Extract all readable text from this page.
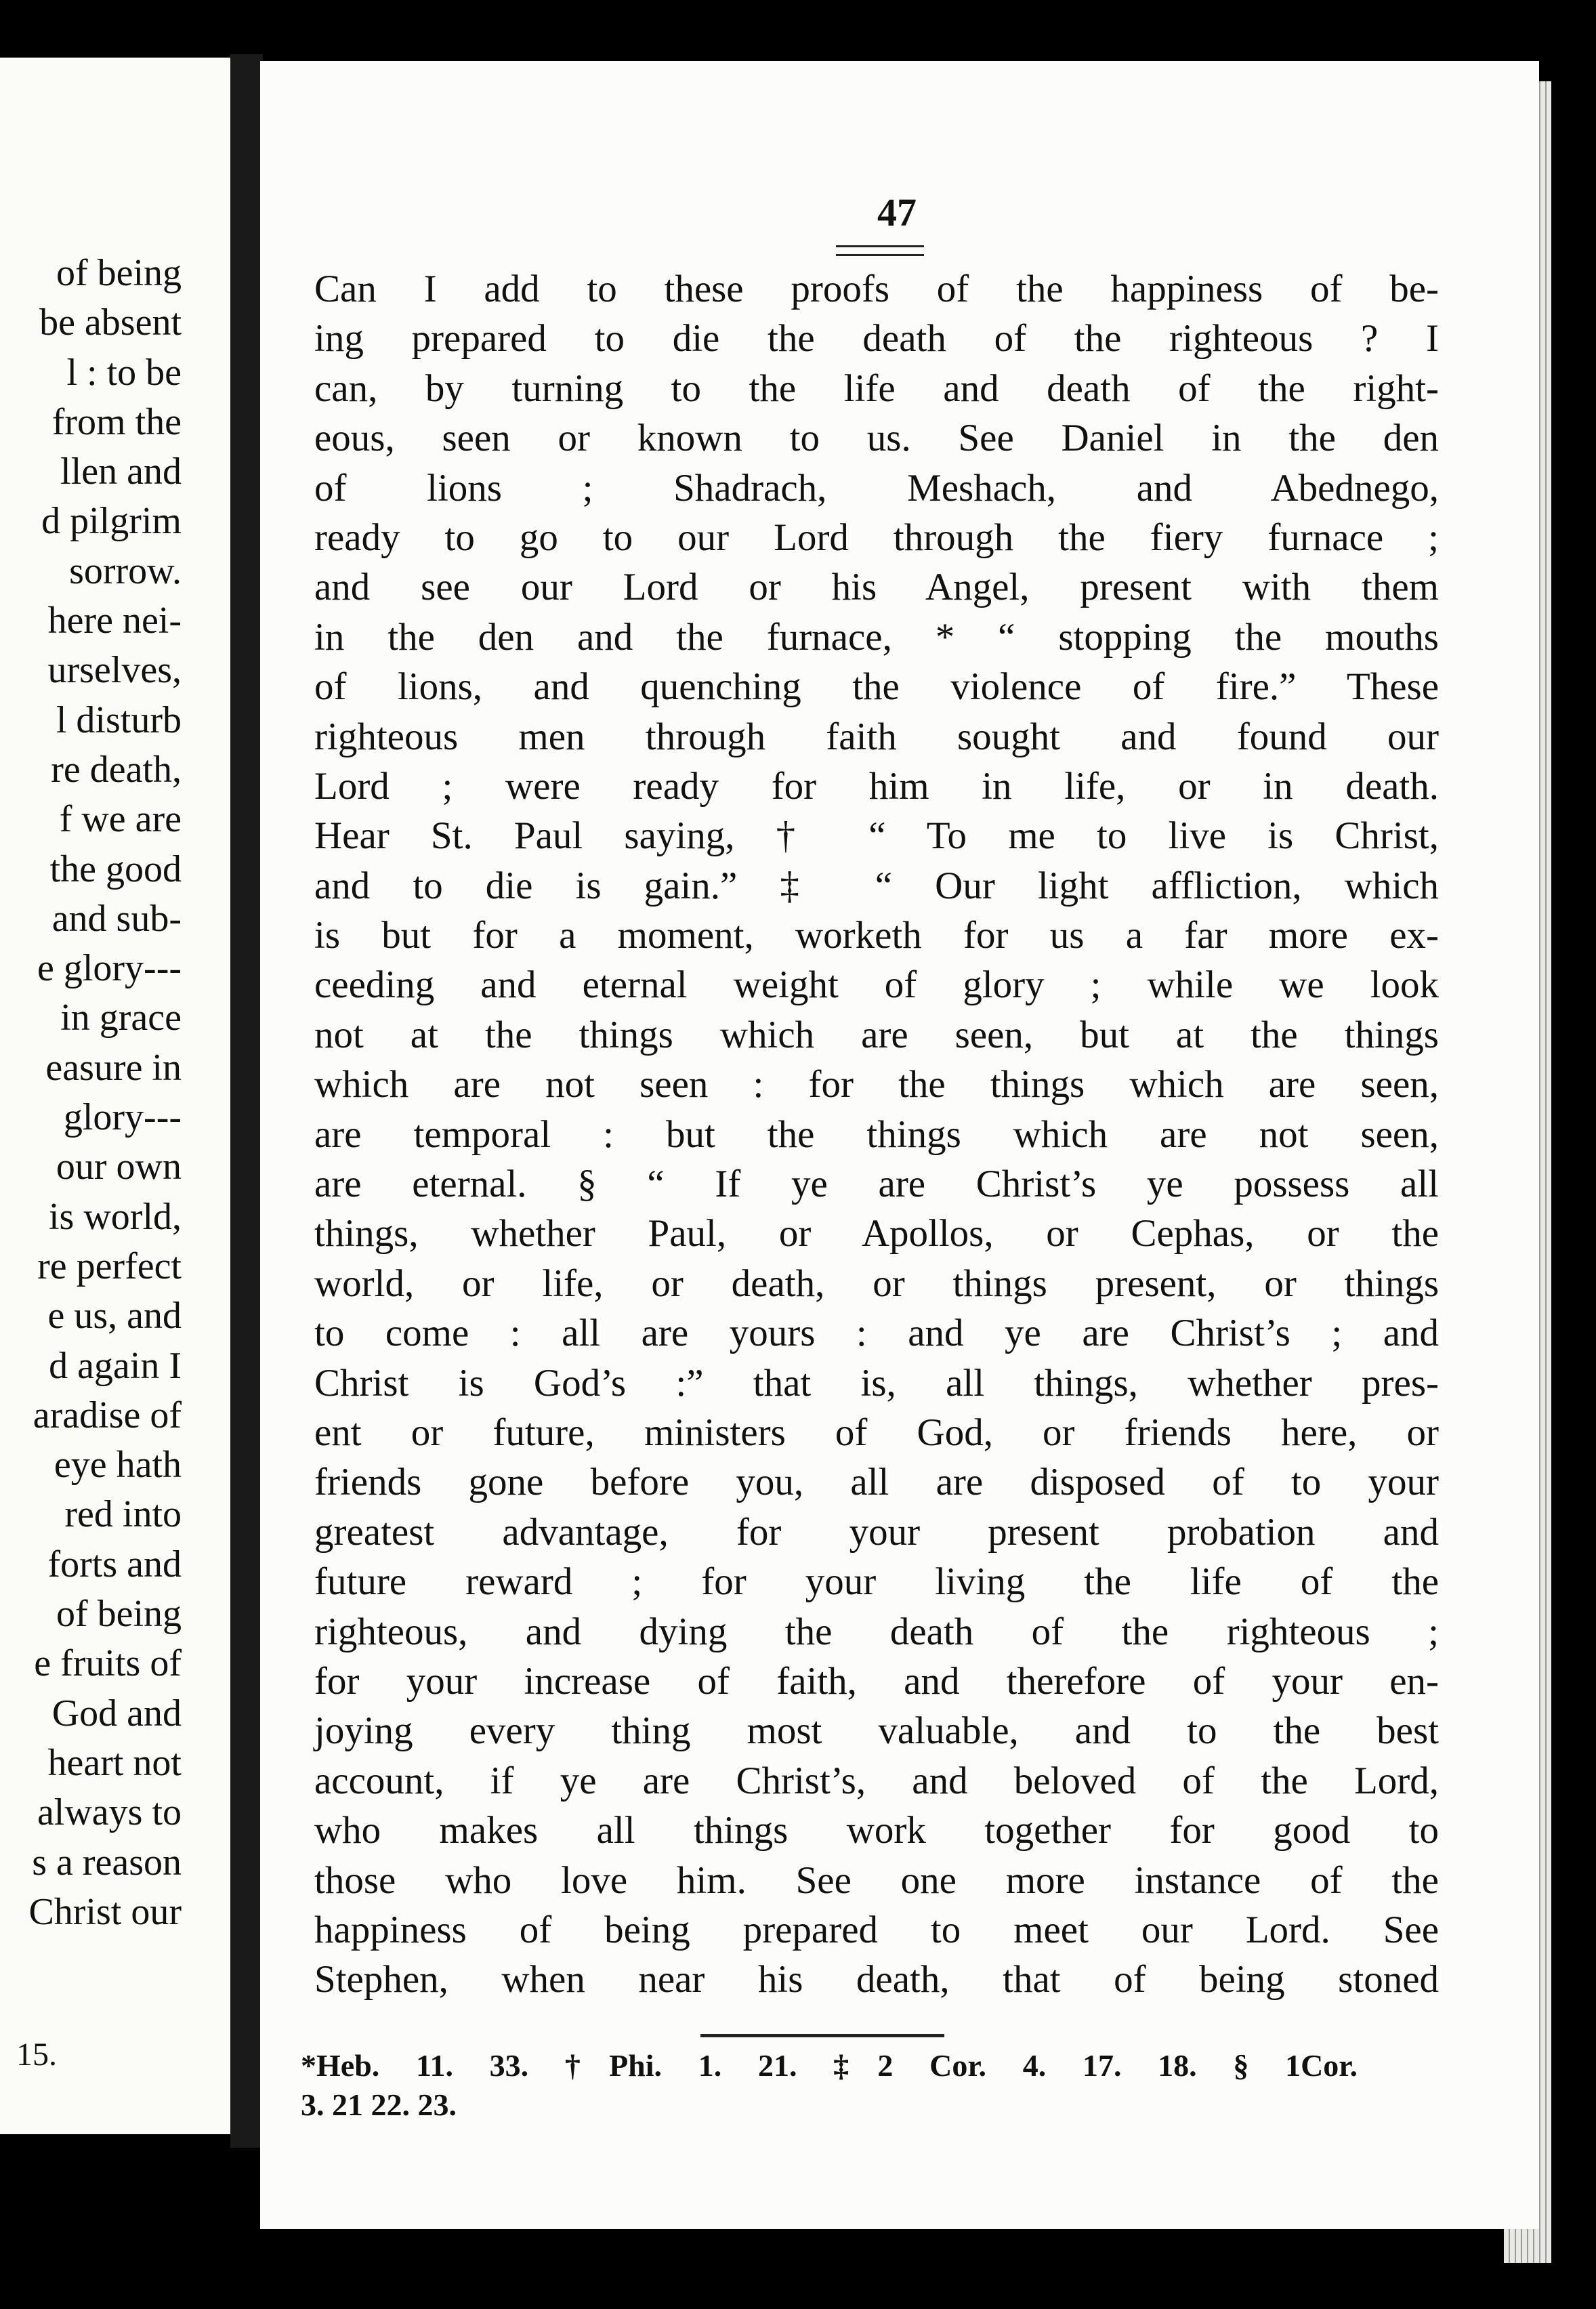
of being
be absent
l : to be
from the
llen and
d pilgrim
sorrow.
here nei-
urselves,
l disturb
re death,
f we are
the good
and sub-
e glory---
in grace
easure in
glory---
our own
is world,
re perfect
e us, and
d again I
aradise of
eye hath
red into
forts and
of being
e fruits of
God and
heart not
always to
s a reason
Christ our
15.
47
Can I add to these proofs of the happiness of be-
ing prepared to die the death of the righteous ? I
can, by turning to the life and death of the right-
eous, seen or known to us. See Daniel in the den
of lions ; Shadrach, Meshach, and Abednego,
ready to go to our Lord through the fiery furnace ;
and see our Lord or his Angel, present with them
in the den and the furnace, * “ stopping the mouths
of lions, and quenching the violence of fire.” These
righteous men through faith sought and found our
Lord ; were ready for him in life, or in death.
Hear St. Paul saying, † “ To me to live is Christ,
and to die is gain.” ‡ “ Our light affliction, which
is but for a moment, worketh for us a far more ex-
ceeding and eternal weight of glory ; while we look
not at the things which are seen, but at the things
which are not seen : for the things which are seen,
are temporal : but the things which are not seen,
are eternal. § “ If ye are Christ’s ye possess all
things, whether Paul, or Apollos, or Cephas, or the
world, or life, or death, or things present, or things
to come : all are yours : and ye are Christ’s ; and
Christ is God’s :” that is, all things, whether pres-
ent or future, ministers of God, or friends here, or
friends gone before you, all are disposed of to your
greatest advantage, for your present probation and
future reward ; for your living the life of the
righteous, and dying the death of the righteous ;
for your increase of faith, and therefore of your en-
joying every thing most valuable, and to the best
account, if ye are Christ’s, and beloved of the Lord,
who makes all things work together for good to
those who love him. See one more instance of the
happiness of being prepared to meet our Lord. See
Stephen, when near his death, that of being stoned
*Heb. 11. 33. †Phi. 1. 21. ‡2 Cor. 4. 17. 18. § 1Cor.
3. 21 22. 23.
